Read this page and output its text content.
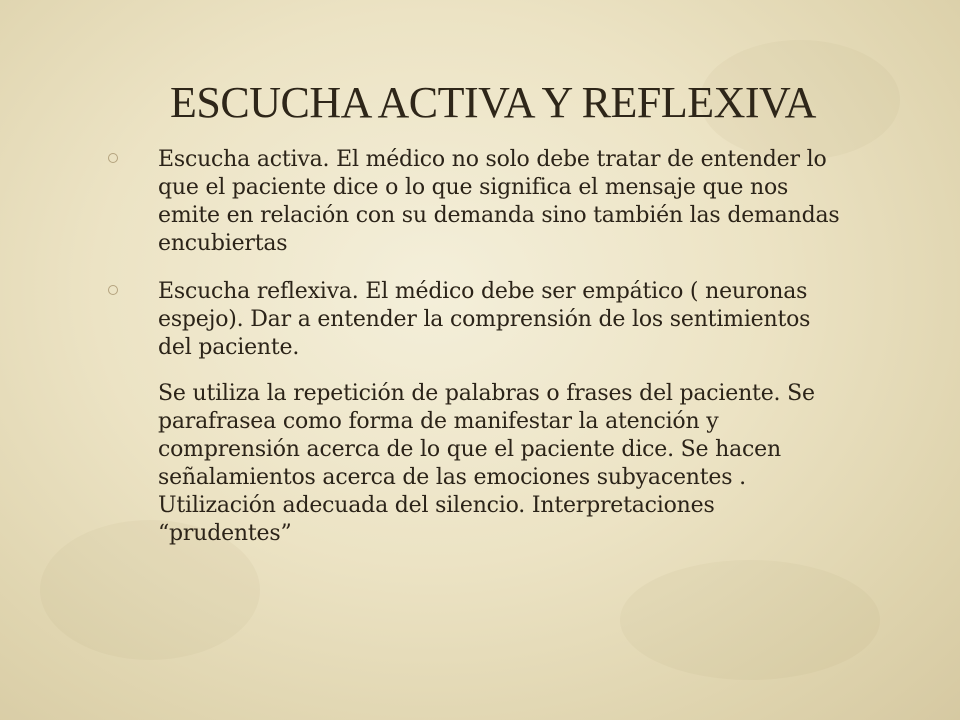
ESCUCHA ACTIVA Y REFLEXIVA

Escucha activa. El médico no solo debe tratar de entender lo que el paciente dice o lo que significa el mensaje que nos emite en relación con su demanda sino también las demandas encubiertas

Escucha reflexiva. El médico debe ser empático ( neuronas espejo). Dar a entender la comprensión de los sentimientos del paciente.

Se utiliza la repetición de palabras o frases del paciente. Se parafrasea como forma de manifestar la atención y comprensión acerca de lo que el paciente dice. Se hacen señalamientos acerca de las emociones subyacentes . Utilización adecuada del silencio. Interpretaciones “prudentes”
